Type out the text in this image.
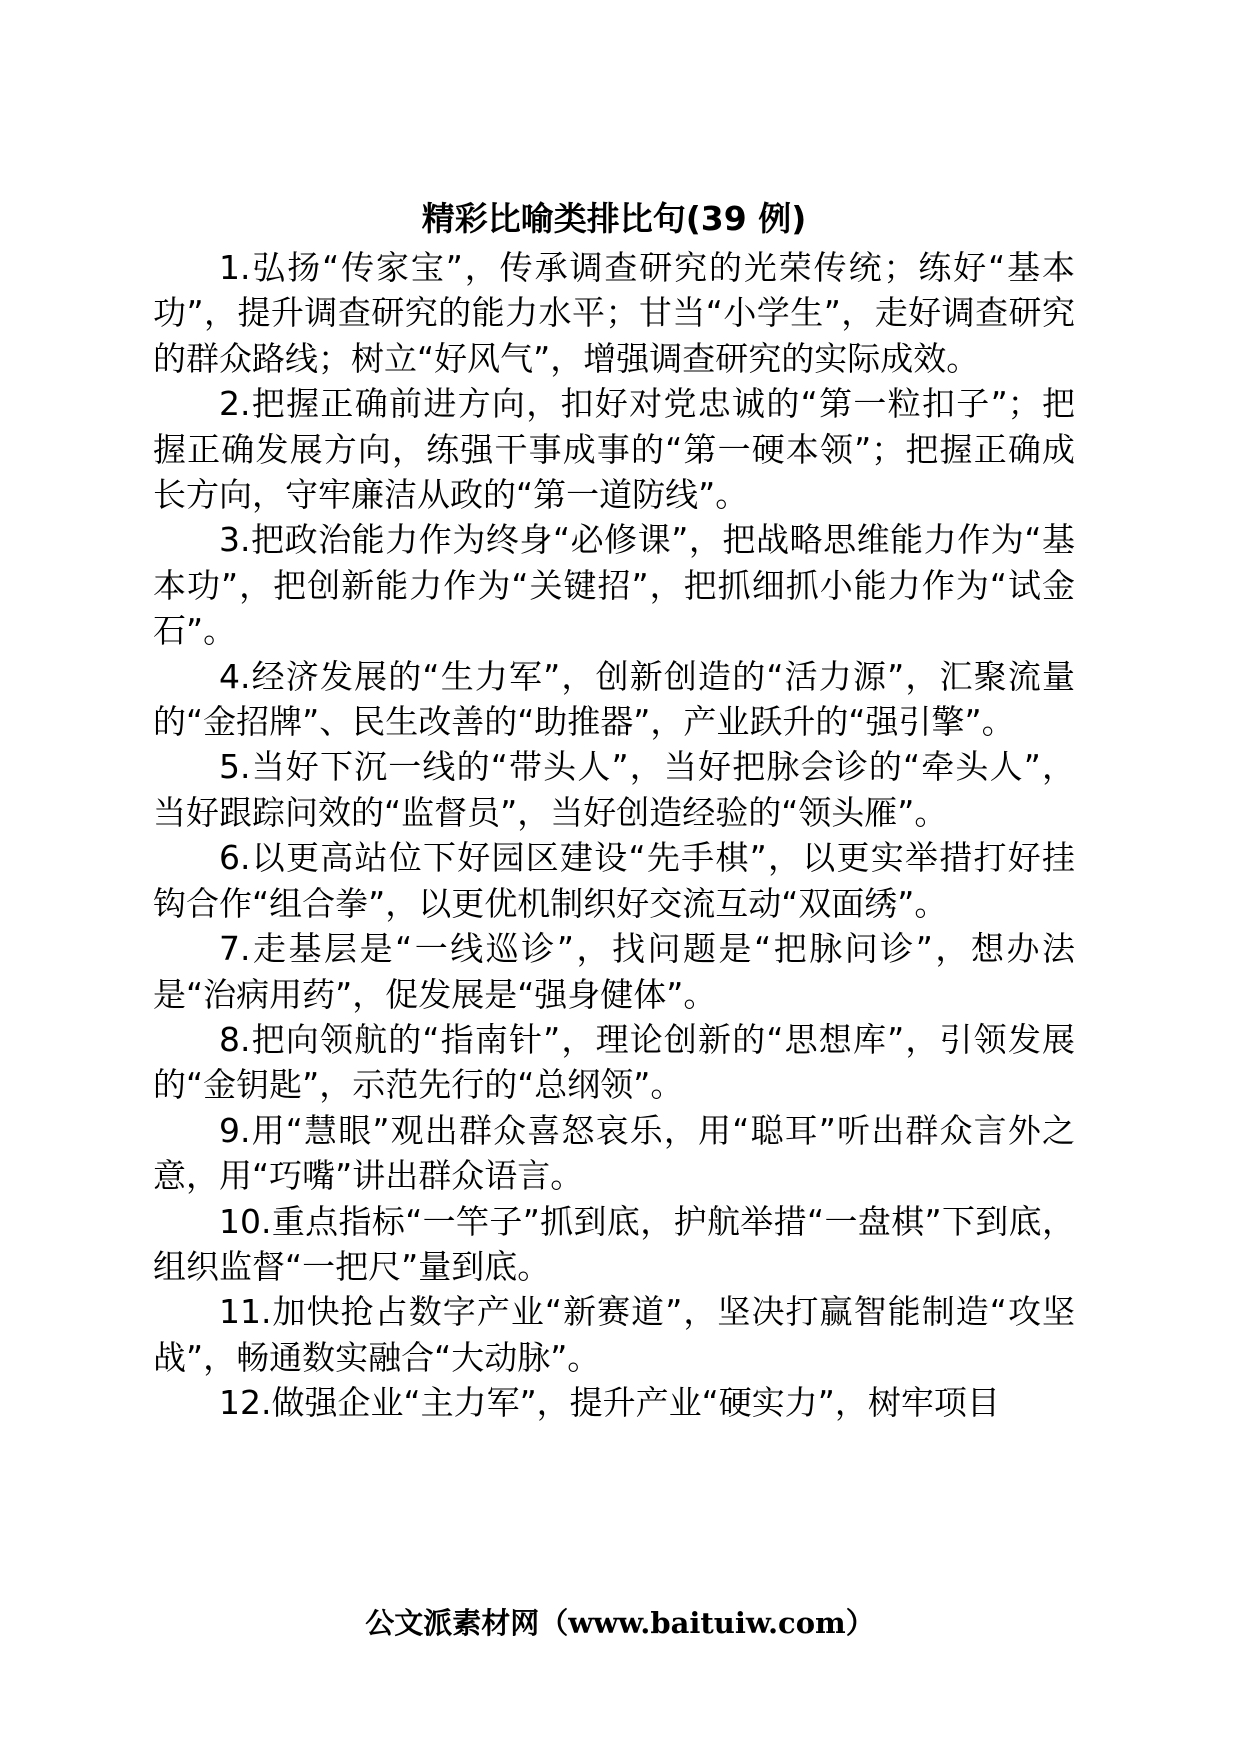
精彩比喻类排比句(39 例)

1.弘扬“传家宝”，传承调查研究的光荣传统；练好“基本功”，提升调查研究的能力水平；甘当“小学生”，走好调查研究的群众路线；树立“好风气”，增强调查研究的实际成效。

2.把握正确前进方向，扣好对党忠诚的“第一粒扣子”；把握正确发展方向，练强干事成事的“第一硬本领”；把握正确成长方向，守牢廉洁从政的“第一道防线”。

3.把政治能力作为终身“必修课”，把战略思维能力作为“基本功”，把创新能力作为“关键招”，把抓细抓小能力作为“试金石”。

4.经济发展的“生力军”，创新创造的“活力源”，汇聚流量的“金招牌”、民生改善的“助推器”，产业跃升的“强引擎”。

5.当好下沉一线的“带头人”，当好把脉会诊的“牵头人”，当好跟踪问效的“监督员”，当好创造经验的“领头雁”。

6.以更高站位下好园区建设“先手棋”，以更实举措打好挂钩合作“组合拳”，以更优机制织好交流互动“双面绣”。

7.走基层是“一线巡诊”，找问题是“把脉问诊”，想办法是“治病用药”，促发展是“强身健体”。

8.把向领航的“指南针”，理论创新的“思想库”，引领发展的“金钥匙”，示范先行的“总纲领”。

9.用“慧眼”观出群众喜怒哀乐，用“聪耳”听出群众言外之意，用“巧嘴”讲出群众语言。

10.重点指标“一竿子”抓到底，护航举措“一盘棋”下到底，组织监督“一把尺”量到底。

11.加快抢占数字产业“新赛道”，坚决打赢智能制造“攻坚战”，畅通数实融合“大动脉”。

12.做强企业“主力军”，提升产业“硬实力”，树牢项目

公文派素材网（www.baituiw.com）
